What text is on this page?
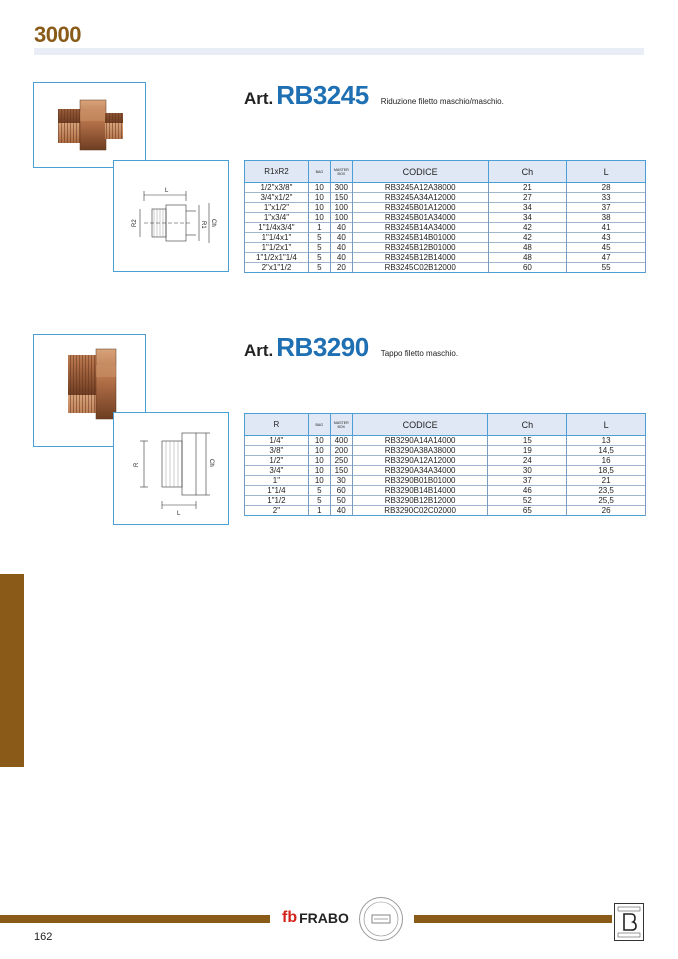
3000
L
R2	R1 Ch
Art. RB3245 Riduzione filetto maschio/maschio.
R1xR2	BAG	MASTER BOX	CODICE	Ch	L
1/2"x3/8"	10	300	RB3245A12A38000	21	28
3/4"x1/2"	10	150	RB3245A34A12000	27	33
1"x1/2"	10	100	RB3245B01A12000	34	37
1"x3/4"	10	100	RB3245B01A34000	34	38
1"1/4x3/4"	1	40	RB3245B14A34000	42	41
1"1/4x1"	5	40	RB3245B14B01000	42	43
1"1/2x1"	5	40	RB3245B12B01000	48	45
1"1/2x1"1/4	5	40	RB3245B12B14000	48	47
2"x1"1/2	5	20	RB3245C02B12000	60	55
R	Ch
L
Art. RB3290 Tappo filetto maschio.
R	BAG	MASTER BOX	CODICE	Ch	L
1/4"	10	400	RB3290A14A14000	15	13
3/8"	10	200	RB3290A38A38000	19	14,5
1/2"	10	250	RB3290A12A12000	24	16
3/4"	10	150	RB3290A34A34000	30	18,5
1"	10	30	RB3290B01B01000	37	21
1"1/4	5	60	RB3290B14B14000	46	23,5
1"1/2	5	50	RB3290B12B12000	52	25,5
2"	1	40	RB3290C02C02000	65	26
fb FRABO
162
